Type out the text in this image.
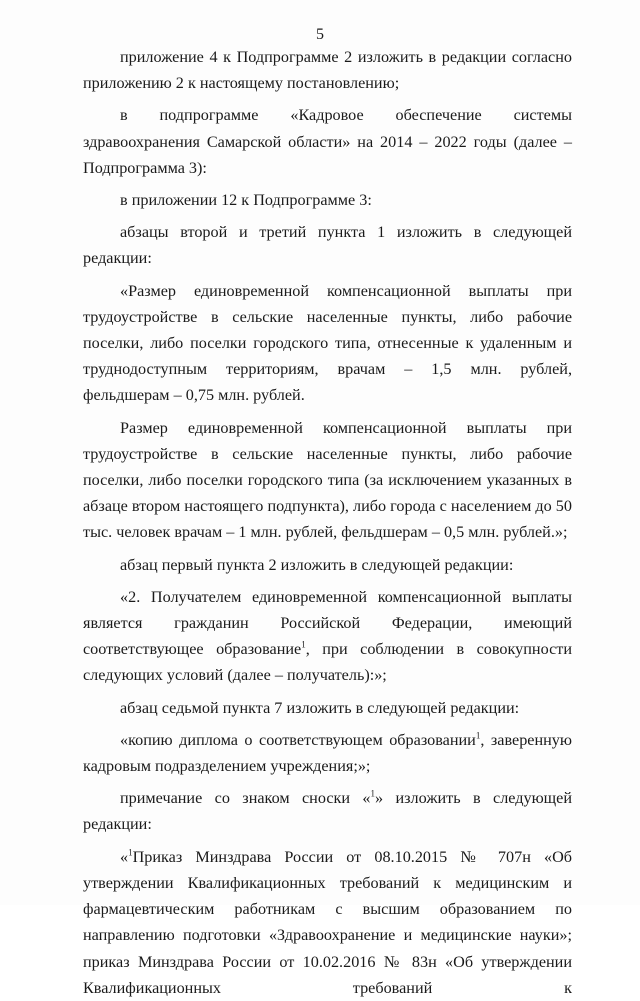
5

приложение 4 к Подпрограмме 2 изложить в редакции согласно приложению 2 к настоящему постановлению;

в подпрограмме «Кадровое обеспечение системы здравоохранения Самарской области» на 2014 – 2022 годы (далее – Подпрограмма 3):

в приложении 12 к Подпрограмме 3:

абзацы второй и третий пункта 1 изложить в следующей редакции:

«Размер единовременной компенсационной выплаты при трудоустройстве в сельские населенные пункты, либо рабочие поселки, либо поселки городского типа, отнесенные к удаленным и труднодоступным территориям, врачам – 1,5 млн. рублей, фельдшерам – 0,75 млн. рублей.

Размер единовременной компенсационной выплаты при трудоустройстве в сельские населенные пункты, либо рабочие поселки, либо поселки городского типа (за исключением указанных в абзаце втором настоящего подпункта), либо города с населением до 50 тыс. человек врачам – 1 млн. рублей, фельдшерам – 0,5 млн. рублей.»;

абзац первый пункта 2 изложить в следующей редакции:

«2. Получателем единовременной компенсационной выплаты является гражданин Российской Федерации, имеющий соответствующее образование$^1$, при соблюдении в совокупности следующих условий (далее – получатель):»;

абзац седьмой пункта 7 изложить в следующей редакции:

«копию диплома о соответствующем образовании$^1$, заверенную кадровым подразделением учреждения;»;

примечание со знаком сноски «$^1$» изложить в следующей редакции:

«$^1$Приказ Минздрава России от 08.10.2015 № 707н «Об утверждении Квалификационных требований к медицинским и фармацевтическим работникам с высшим образованием по направлению подготовки «Здравоохранение и медицинские науки»; приказ Минздрава России от 10.02.2016 № 83н «Об утверждении Квалификационных требований к
